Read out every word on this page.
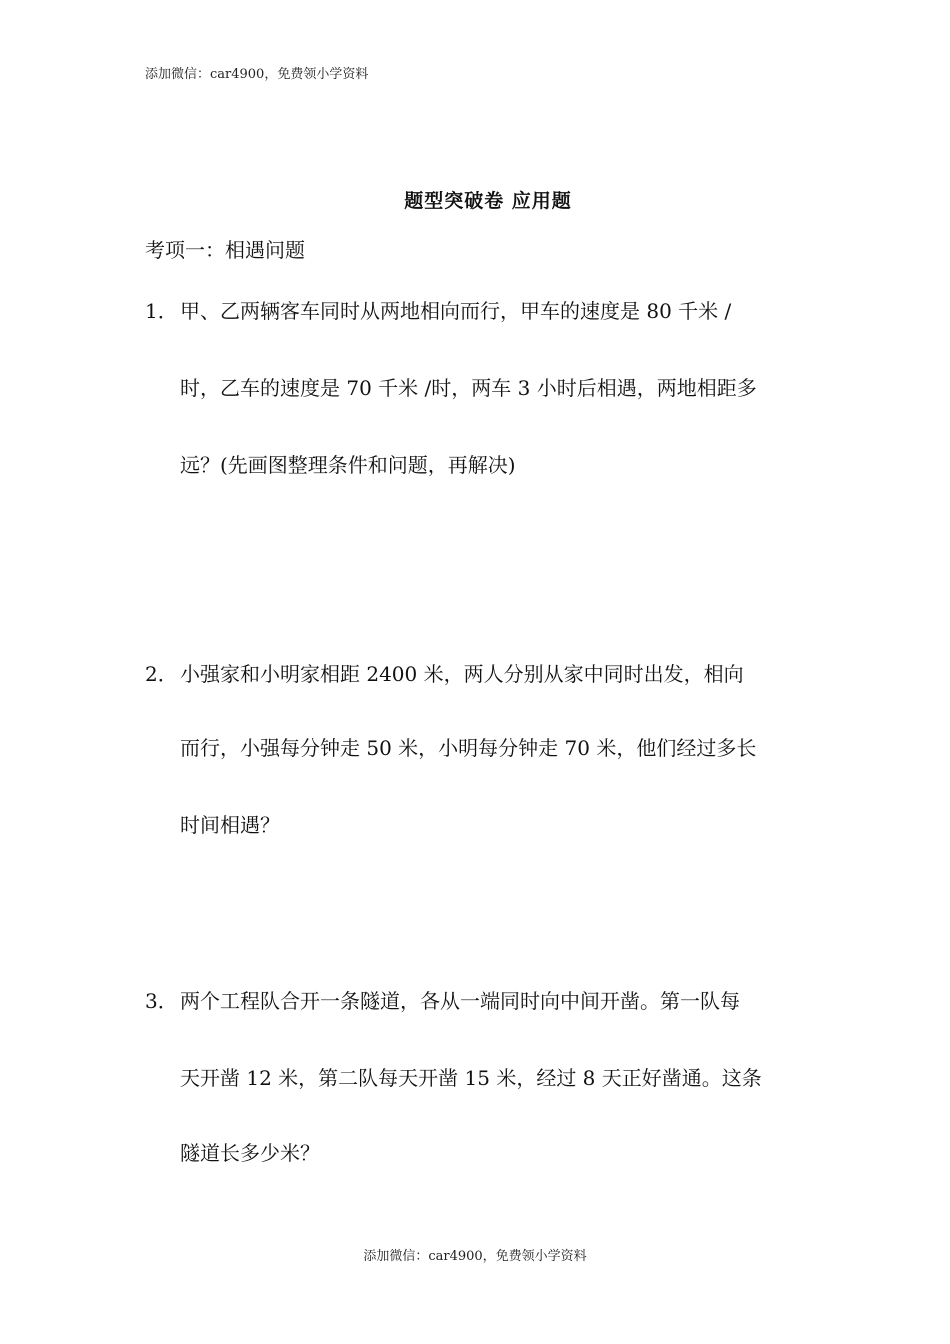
添加微信：car4900，免费领小学资料
题型突破卷 应用题
考项一：相遇问题
1． 甲、乙两辆客车同时从两地相向而行，甲车的速度是 80 千米 /
时，乙车的速度是 70 千米 /时，两车 3 小时后相遇，两地相距多
远？(先画图整理条件和问题，再解决)
2． 小强家和小明家相距 2400 米，两人分别从家中同时出发，相向
而行，小强每分钟走 50 米，小明每分钟走 70 米，他们经过多长
时间相遇？
3． 两个工程队合开一条隧道，各从一端同时向中间开凿。第一队每
天开凿 12 米，第二队每天开凿 15 米，经过 8 天正好凿通。这条
隧道长多少米？
添加微信：car4900，免费领小学资料
